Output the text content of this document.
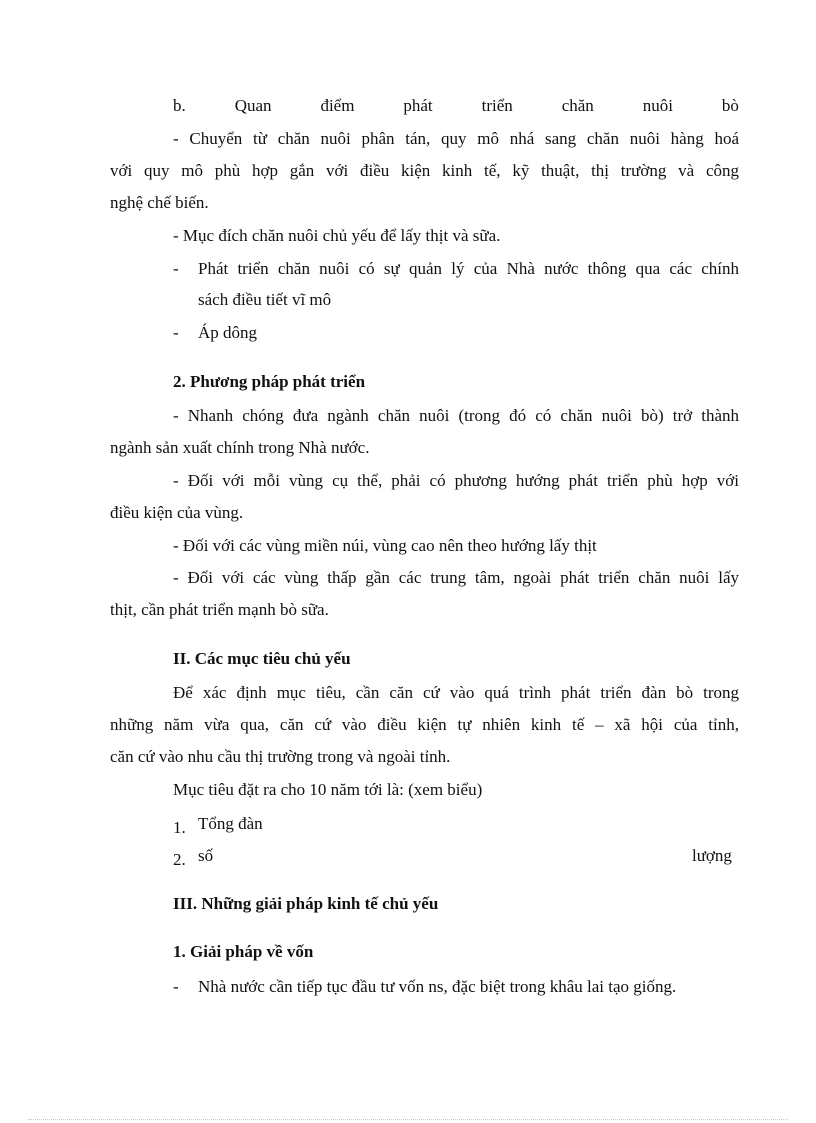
b.	Quan	điểm	phát	triển	chăn	nuôi	bò

- Chuyển từ chăn nuôi phân tán, quy mô nhá sang chăn nuôi hàng hoá

với quy mô phù hợp gắn với điều kiện kinh tế, kỹ thuật, thị trường và công

nghệ chế biến.

- Mục đích chăn nuôi chủ yếu để lấy thịt và sữa.

- Phát triển chăn nuôi có sự quản lý của Nhà nước thông qua các chính

sách điều tiết vĩ mô

- Áp dông

2. Phương pháp phát triển

- Nhanh chóng đưa ngành chăn nuôi (trong đó có chăn nuôi bò) trở thành

ngành sản xuất chính trong Nhà nước.

- Đối với mỗi vùng cụ thể, phải có phương hướng phát triển phù hợp với

điều kiện của vùng.

- Đối với các vùng miền núi, vùng cao nên theo hướng lấy thịt

- Đối với các vùng thấp gần các trung tâm, ngoài phát triển chăn nuôi lấy

thịt, cần phát triển mạnh bò sữa.

II. Các mục tiêu chủ yếu

Để xác định mục tiêu, cần căn cứ vào quá trình phát triển đàn bò trong

những năm vừa qua, căn cứ vào điều kiện tự nhiên kinh tế – xã hội của tỉnh,

căn cứ vào nhu cầu thị trường trong và ngoài tỉnh.

Mục tiêu đặt ra cho 10 năm tới là: (xem biểu)

1. Tổng đàn

2. số	lượng

III. Những giải pháp kinh tế chủ yếu

1. Giải pháp về vốn

- Nhà nước cần tiếp tục đầu tư vốn ns, đặc biệt trong khâu lai tạo giống.
